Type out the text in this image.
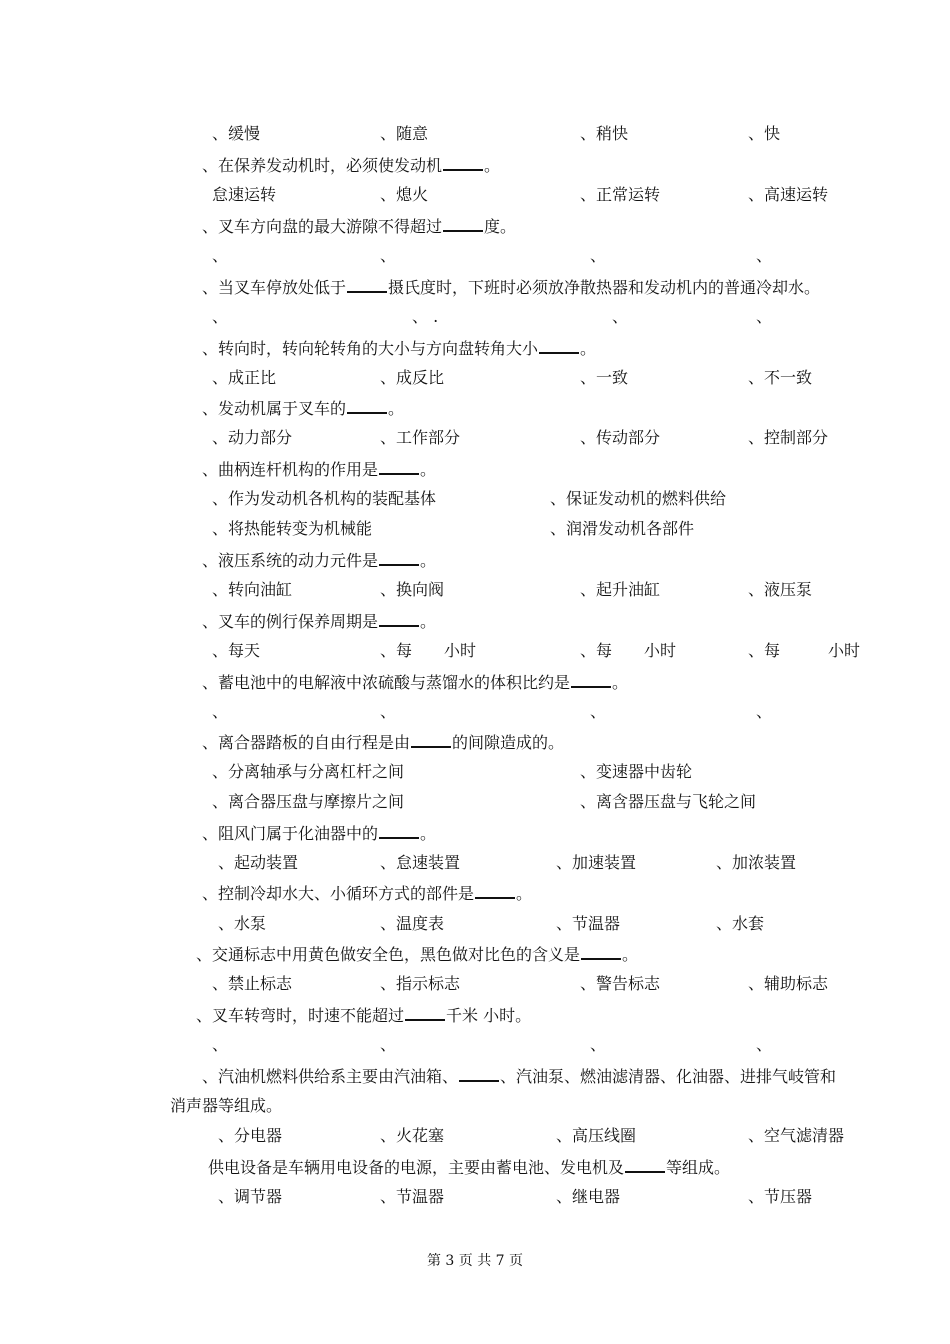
、缓慢	、随意	、稍快	、快
、在保养发动机时，必须使发动机	。
怠速运转	、熄火	、正常运转	、高速运转
、叉车方向盘的最大游隙不得超过	度。
、	、	、	、
、当叉车停放处低于	摄氏度时，下班时必须放净散热器和发动机内的普通冷却水。
、	、 .	、	、
、转向时，转向轮转角的大小与方向盘转角大小	。
、成正比	、成反比	、一致	、不一致
、发动机属于叉车的	。
、动力部分	、工作部分	、传动部分	、控制部分
、曲柄连杆机构的作用是	。
、作为发动机各机构的装配基体	、保证发动机的燃料供给
、将热能转变为机械能	、润滑发动机各部件
、液压系统的动力元件是	。
、转向油缸	、换向阀	、起升油缸	、液压泵
、叉车的例行保养周期是	。
、每天	、每　　小时	、每　　小时	、每　　　小时
、蓄电池中的电解液中浓硫酸与蒸馏水的体积比约是	。
、	、	、	、
、离合器踏板的自由行程是由	的间隙造成的。
、分离轴承与分离杠杆之间	、变速器中齿轮
、离合器压盘与摩擦片之间	、离含器压盘与飞轮之间
、阻风门属于化油器中的	。
、起动装置	、怠速装置	、加速装置	、加浓装置
、控制冷却水大、小循环方式的部件是	。
、水泵	、温度表	、节温器	、水套
、交通标志中用黄色做安全色，黑色做对比色的含义是	。
、禁止标志	、指示标志	、警告标志	、辅助标志
、叉车转弯时，时速不能超过	千米 小时。
、	、	、	、
、汽油机燃料供给系主要由汽油箱、	、汽油泵、燃油滤清器、化油器、进排气岐管和
消声器等组成。
、分电器	、火花塞	、高压线圈	、空气滤清器
供电设备是车辆用电设备的电源，主要由蓄电池、发电机及	等组成。
、调节器	、节温器	、继电器	、节压器
第 3 页 共 7 页
